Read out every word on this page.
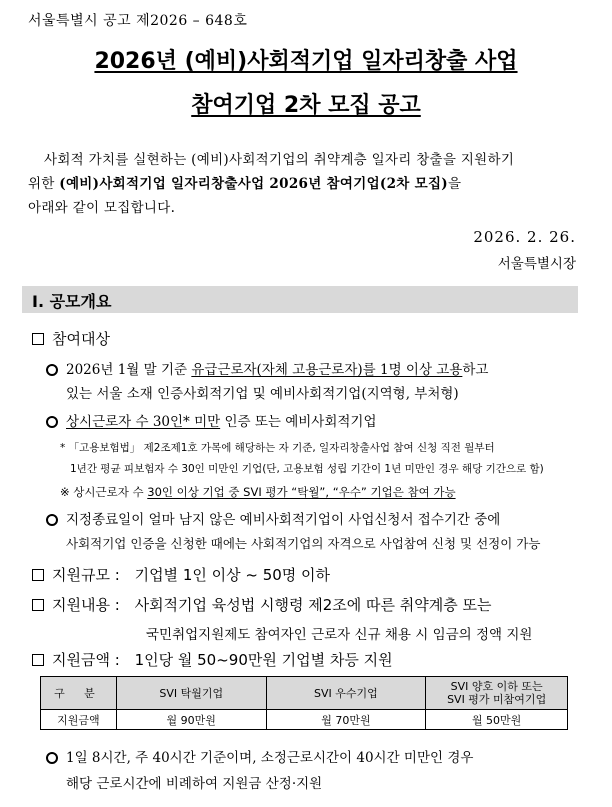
서울특별시 공고 제2026 – 648호
2026년 (예비)사회적기업 일자리창출 사업
참여기업 2차 모집 공고
사회적 가치를 실현하는 (예비)사회적기업의 취약계층 일자리 창출을 지원하기
위한 (예비)사회적기업 일자리창출사업 2026년 참여기업(2차 모집)을
아래와 같이 모집합니다.
2026. 2. 26.
서울특별시장
Ⅰ. 공모개요
참여대상
2026년 1월 말 기준 유급근로자(자체 고용근로자)를 1명 이상 고용하고
있는 서울 소재 인증사회적기업 및 예비사회적기업(지역형, 부처형)
상시근로자 수 30인* 미만 인증 또는 예비사회적기업
* 「고용보험법」 제2조제1호 가목에 해당하는 자 기준, 일자리창출사업 참여 신청 직전 월부터
1년간 평균 피보험자 수 30인 미만인 기업(단, 고용보험 성립 기간이 1년 미만인 경우 해당 기간으로 함)
※ 상시근로자 수 30인 이상 기업 중 SVI 평가 “탁월”, “우수” 기업은 참여 가능
지정종료일이 얼마 남지 않은 예비사회적기업이 사업신청서 접수기간 중에
사회적기업 인증을 신청한 때에는 사회적기업의 자격으로 사업참여 신청 및 선정이 가능
지원규모 : 기업별 1인 이상 ~ 50명 이하
지원내용 : 사회적기업 육성법 시행령 제2조에 따른 취약계층 또는
국민취업지원제도 참여자인 근로자 신규 채용 시 임금의 정액 지원
지원금액 : 1인당 월 50~90만원 기업별 차등 지원
구 분	SVI 탁월기업	SVI 우수기업	SVI 양호 이하 또는
SVI 평가 미참여기업
지원금액	월 90만원	월 70만원	월 50만원
1일 8시간, 주 40시간 기준이며, 소정근로시간이 40시간 미만인 경우
해당 근로시간에 비례하여 지원금 산정·지원
